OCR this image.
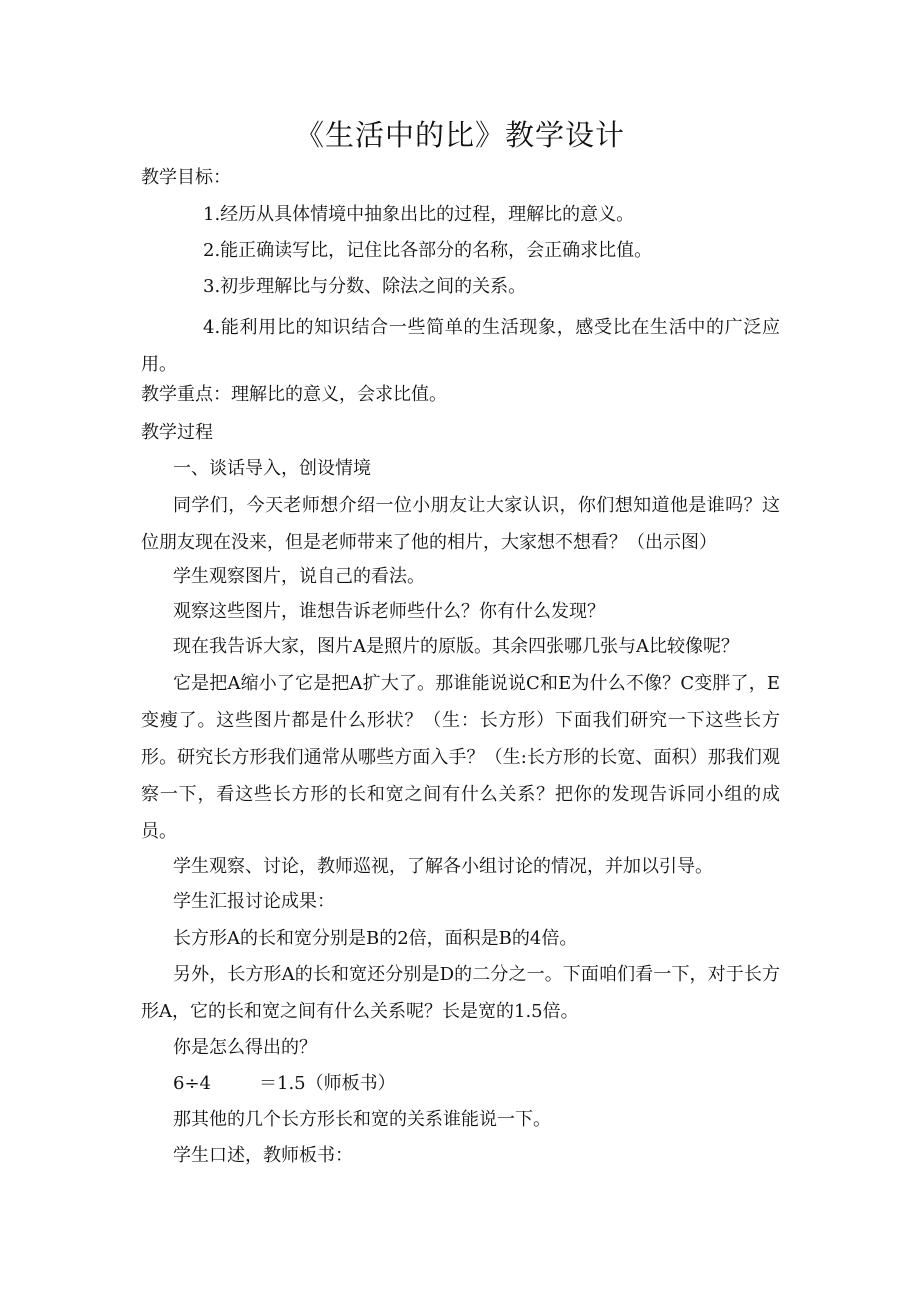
《生活中的比》教学设计
教学目标：
1.经历从具体情境中抽象出比的过程，理解比的意义。
2.能正确读写比，记住比各部分的名称，会正确求比值。
3.初步理解比与分数、除法之间的关系。
4.能利用比的知识结合一些简单的生活现象，感受比在生活中的广泛应用。
教学重点：理解比的意义，会求比值。
教学过程
一、谈话导入，创设情境
同学们，今天老师想介绍一位小朋友让大家认识，你们想知道他是谁吗？这位朋友现在没来，但是老师带来了他的相片，大家想不想看？（出示图）
学生观察图片，说自己的看法。
观察这些图片，谁想告诉老师些什么？你有什么发现？
现在我告诉大家，图片A是照片的原版。其余四张哪几张与A比较像呢？
它是把A缩小了它是把A扩大了。那谁能说说C和E为什么不像？C变胖了，E变瘦了。这些图片都是什么形状？（生：长方形）下面我们研究一下这些长方形。研究长方形我们通常从哪些方面入手？（生:长方形的长宽、面积）那我们观察一下，看这些长方形的长和宽之间有什么关系？把你的发现告诉同小组的成员。
学生观察、讨论，教师巡视，了解各小组讨论的情况，并加以引导。
学生汇报讨论成果：
长方形A的长和宽分别是B的2倍，面积是B的4倍。
另外，长方形A的长和宽还分别是D的二分之一。下面咱们看一下，对于长方形A，它的长和宽之间有什么关系呢？长是宽的1.5倍。
你是怎么得出的？
6÷4	＝1.5（师板书）
那其他的几个长方形长和宽的关系谁能说一下。
学生口述，教师板书：
